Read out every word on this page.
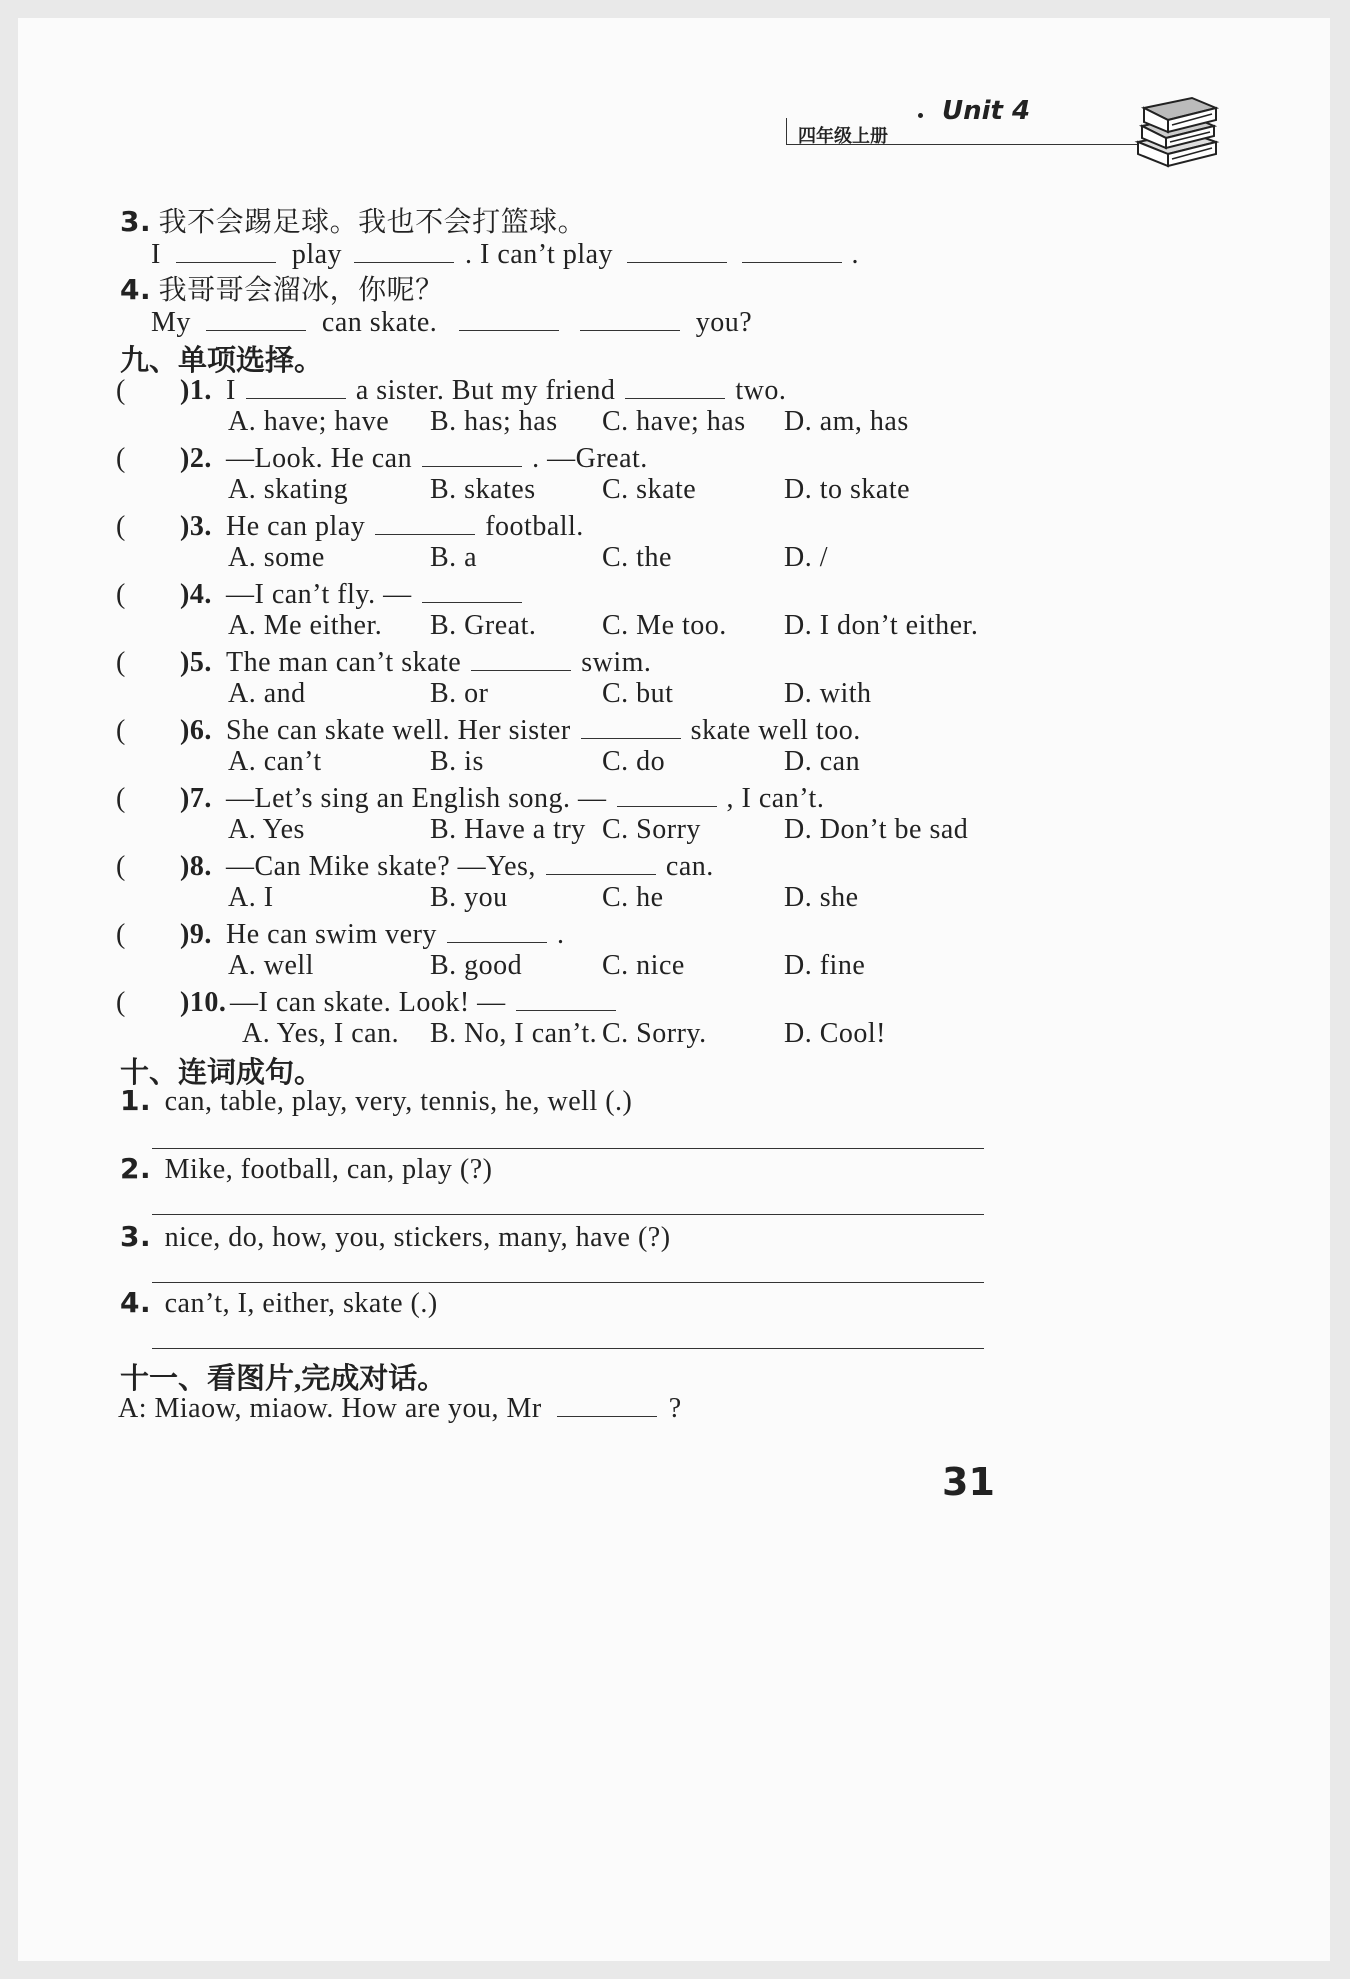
Unit 4
四年级上册
3. 我不会踢足球。我也不会打篮球。
I	play	. I can’t play	.
4. 我哥哥会溜冰，你呢？
My	can skate.	you?
九、单项选择。
( )1. I	a sister. But my friend	two.
A. have; have B. has; has C. have; has D. am, has
( )2. —Look. He can	. —Great.
A. skating	B. skates C. skate	D. to skate
( )3. He can play	football.
A. some	B. a	C. the	D. /
( )4. —I can’t fly. —
A. Me either. B. Great. C. Me too. D. I don’t either.
( )5. The man can’t skate	swim.
A. and	B. or	C. but	D. with
( )6. She can skate well. Her sister	skate well too.
A. can’t	B. is	C. do	D. can
( )7. —Let’s sing an English song. —	, I can’t.
A. Yes	B. Have a try C. Sorry	D. Don’t be sad
( )8. —Can Mike skate? —Yes,	can.
A. I	B. you	C. he	D. she
( )9. He can swim very	.
A. well	B. good	C. nice	D. fine
( )10. —I can skate. Look! —
A. Yes, I can. B. No, I can’t. C. Sorry.	D. Cool!
十、连词成句。
1. can, table, play, very, tennis, he, well (.)
2. Mike, football, can, play (?)
3. nice, do, how, you, stickers, many, have (?)
4. can’t, I, either, skate (.)
十一、看图片,完成对话。
A: Miaow, miaow. How are you, Mr	?
31
